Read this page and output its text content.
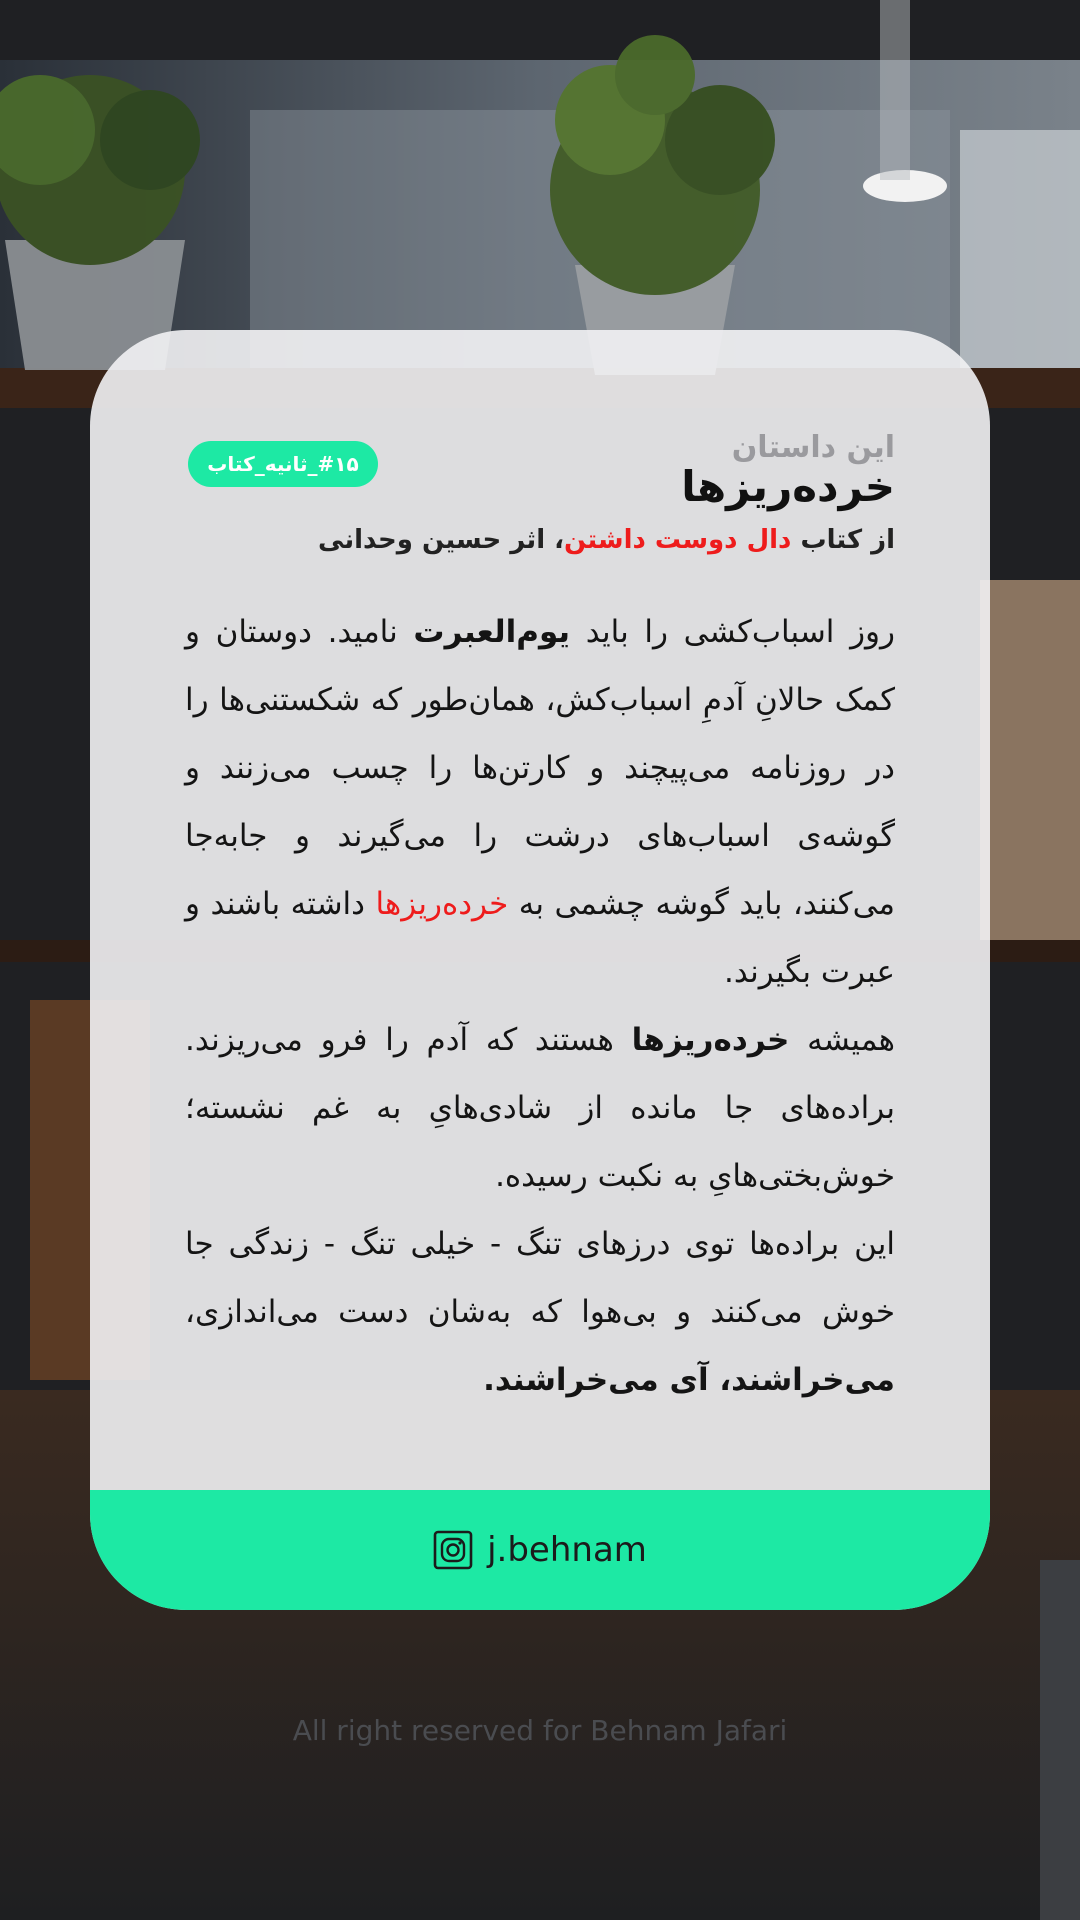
#۱۵_ثانیه_کتاب	این داستان
خرده‌ریزها
از کتاب دال دوست داشتن، اثر حسین وحدانی

روز اسباب‌کشی را باید یوم‌العبرت نامید. دوستان و کمک حالانِ آدمِ اسباب‌کش، همان‌طور که شکستنی‌ها را در روزنامه می‌پیچند و کارتن‌ها را چسب می‌زنند و گوشه‌ی اسباب‌های درشت را می‌گیرند و جابه‌جا می‌کنند، باید گوشه چشمی به خرده‌ریزها داشته باشند و عبرت بگیرند.

همیشه خرده‌ریزها هستند که آدم را فرو می‌ریزند. براده‌های جا مانده از شادی‌هایِ به غم نشسته؛ خوش‌بختی‌هایِ به نکبت رسیده.

این براده‌ها توی درزهای تنگ - خیلی تنگ - زندگی جا خوش می‌کنند و بی‌هوا که به‌شان دست می‌اندازی، می‌خراشند، آی می‌خراشند.

j.behnam
All right reserved for Behnam Jafari
